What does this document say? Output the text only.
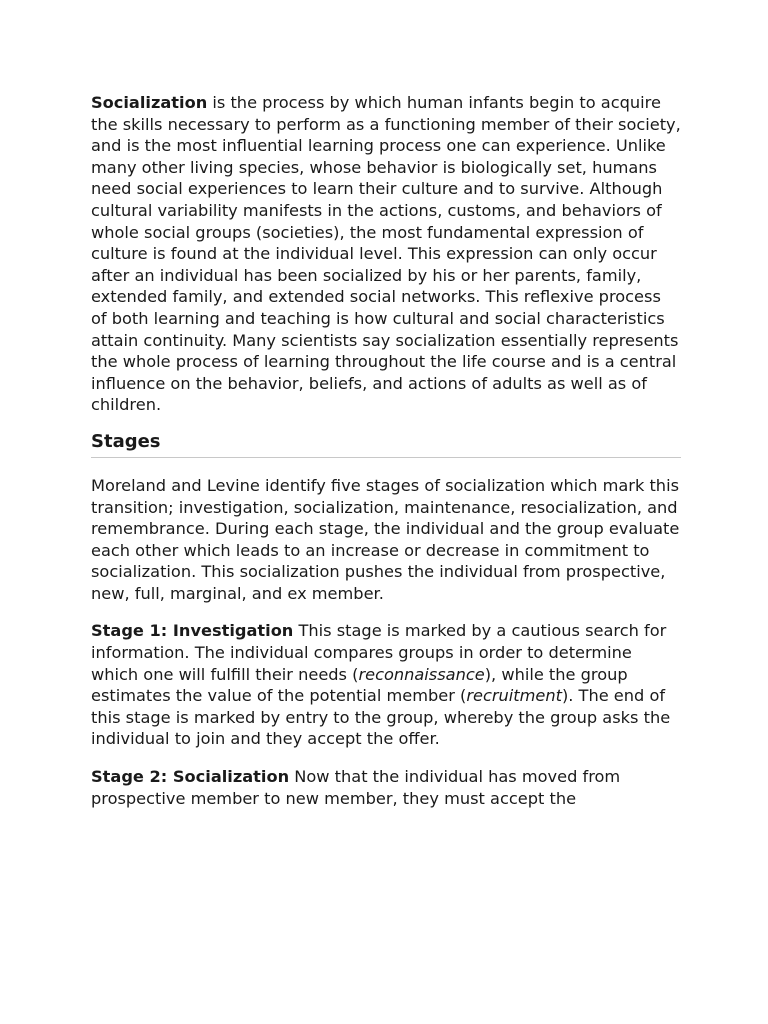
Socialization is the process by which human infants begin to acquire the skills necessary to perform as a functioning member of their society, and is the most influential learning process one can experience. Unlike many other living species, whose behavior is biologically set, humans need social experiences to learn their culture and to survive. Although cultural variability manifests in the actions, customs, and behaviors of whole social groups (societies), the most fundamental expression of culture is found at the individual level. This expression can only occur after an individual has been socialized by his or her parents, family, extended family, and extended social networks. This reflexive process of both learning and teaching is how cultural and social characteristics attain continuity. Many scientists say socialization essentially represents the whole process of learning throughout the life course and is a central influence on the behavior, beliefs, and actions of adults as well as of children.

Stages

Moreland and Levine identify five stages of socialization which mark this transition; investigation, socialization, maintenance, resocialization, and remembrance. During each stage, the individual and the group evaluate each other which leads to an increase or decrease in commitment to socialization. This socialization pushes the individual from prospective, new, full, marginal, and ex member.

Stage 1: Investigation This stage is marked by a cautious search for information. The individual compares groups in order to determine which one will fulfill their needs (reconnaissance), while the group estimates the value of the potential member (recruitment). The end of this stage is marked by entry to the group, whereby the group asks the individual to join and they accept the offer.

Stage 2: Socialization Now that the individual has moved from prospective member to new member, they must accept the
